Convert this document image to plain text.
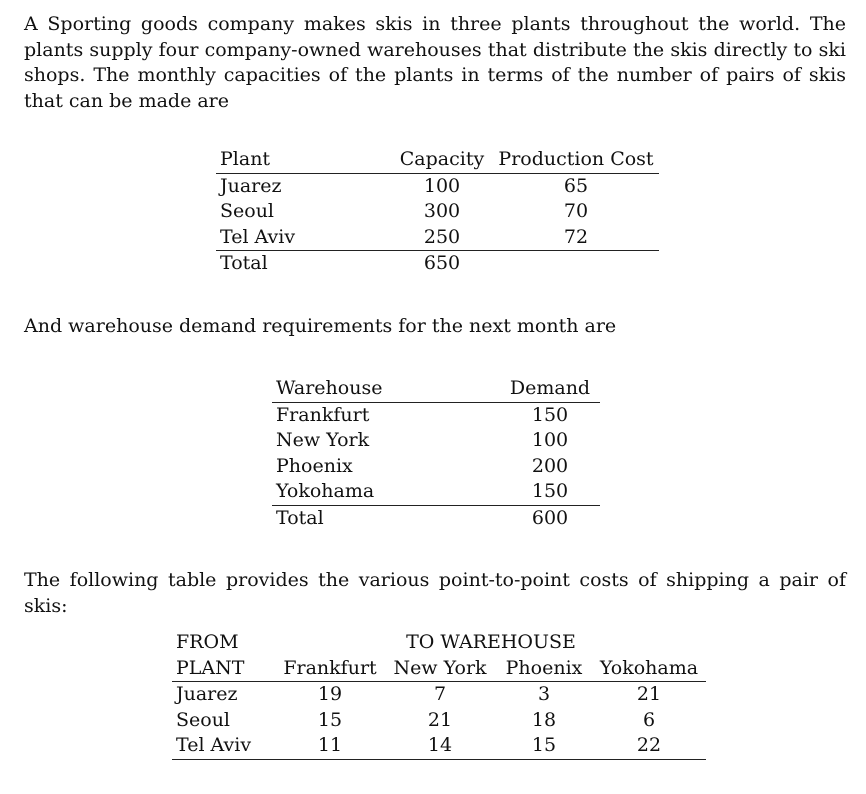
A Sporting goods company makes skis in three plants throughout the world. The plants supply four company-owned warehouses that distribute the skis directly to ski shops. The monthly capacities of the plants in terms of the number of pairs of skis that can be made are

Plant	Capacity	Production Cost
Juarez	100	65
Seoul	300	70
Tel Aviv	250	72
Total	650	

And warehouse demand requirements for the next month are

Warehouse	Demand
Frankfurt	150
New York	100
Phoenix	200
Yokohama	150
Total	600

The following table provides the various point-to-point costs of shipping a pair of skis:

FROM	TO WAREHOUSE			
PLANT	Frankfurt	New York	Phoenix	Yokohama
Juarez	19	7	3	21
Seoul	15	21	18	6
Tel Aviv	11	14	15	22
